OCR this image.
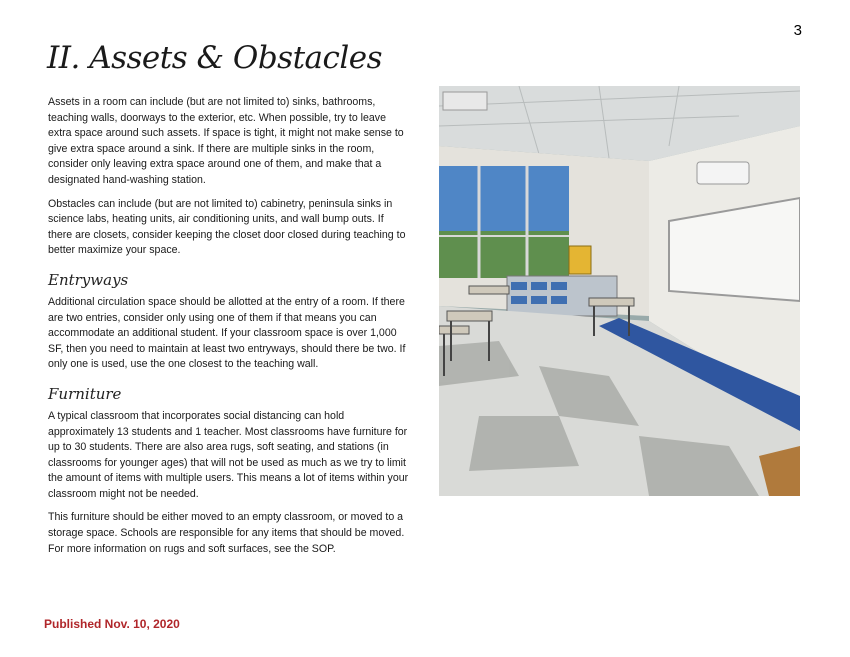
3
II. Assets & Obstacles

Assets in a room can include (but are not limited to) sinks, bathrooms, teaching walls, doorways to the exterior, etc. When possible, try to leave extra space around such assets. If space is tight, it might not make sense to give extra space around a sink. If there are multiple sinks in the room, consider only leaving extra space around one of them, and make that a designated hand-washing station.

Obstacles can include (but are not limited to) cabinetry, peninsula sinks in science labs, heating units, air conditioning units, and wall bump outs. If there are closets, consider keeping the closet door closed during teaching to better maximize your space.

Entryways

Additional circulation space should be allotted at the entry of a room. If there are two entries, consider only using one of them if that means you can accommodate an additional student. If your classroom space is over 1,000 SF, then you need to maintain at least two entryways, should there be two. If only one is used, use the one closest to the teaching wall.

Furniture

A typical classroom that incorporates social distancing can hold approximately 13 students and 1 teacher. Most classrooms have furniture for up to 30 students. There are also area rugs, soft seating, and stations (in classrooms for younger ages) that will not be used as much as we try to limit the amount of items with multiple users. This means a lot of items within your classroom might not be needed.

This furniture should be either moved to an empty classroom, or moved to a storage space. Schools are responsible for any items that should be moved. For more information on rugs and soft surfaces, see the SOP.

Published Nov. 10, 2020
